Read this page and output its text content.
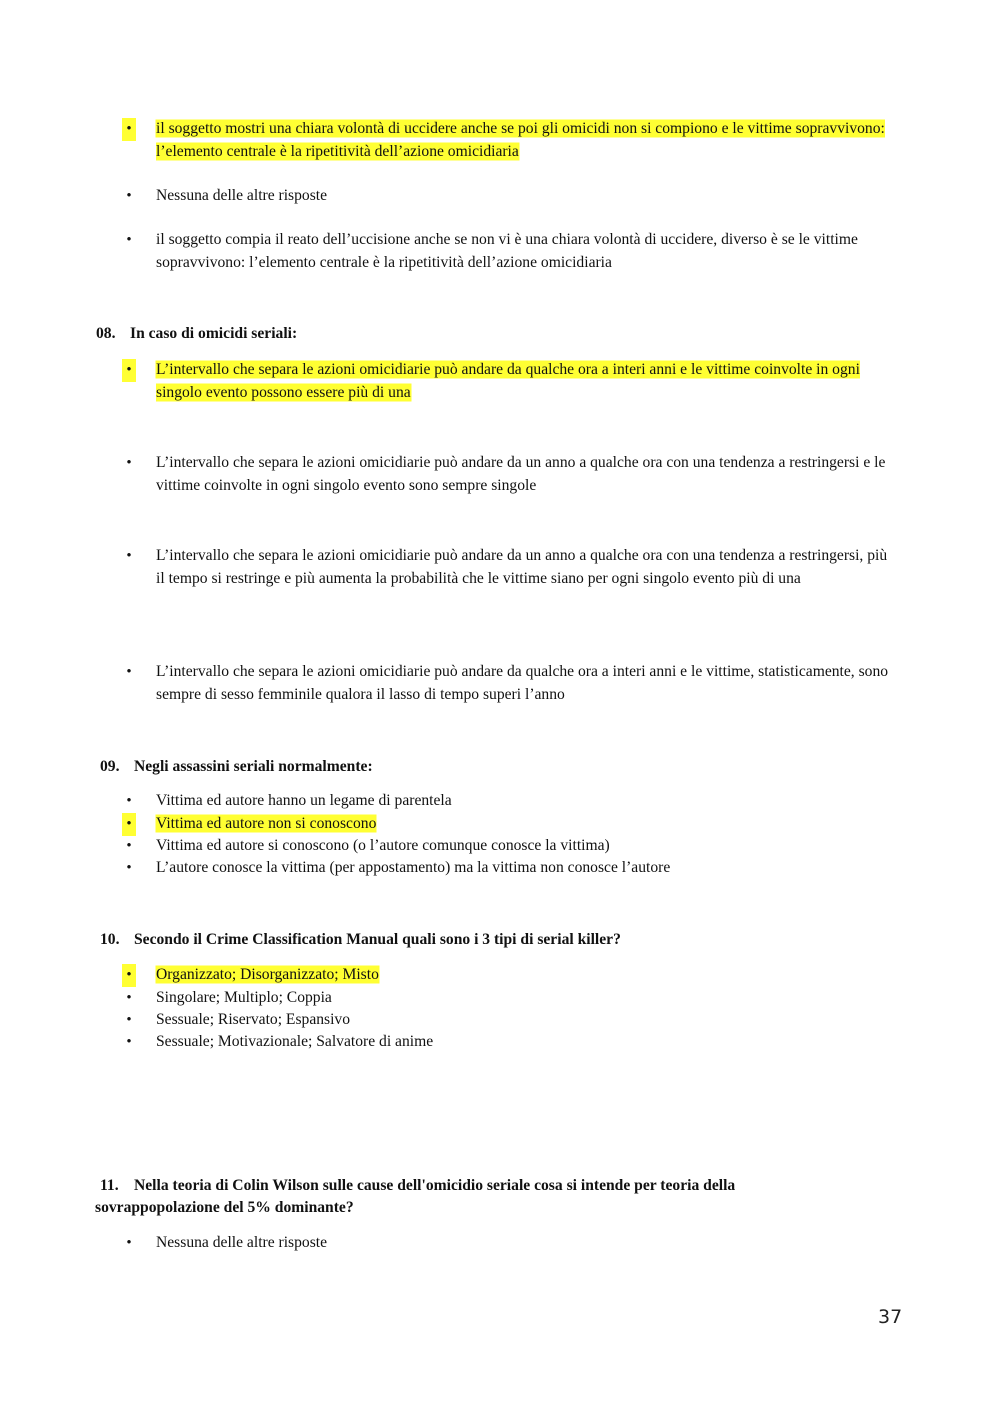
• il soggetto mostri una chiara volontà di uccidere anche se poi gli omicidi non si compiono e le vittime sopravvivono: l’elemento centrale è la ripetitività dell’azione omicidiaria
• Nessuna delle altre risposte
• il soggetto compia il reato dell’uccisione anche se non vi è una chiara volontà di uccidere, diverso è se le vittime sopravvivono: l’elemento centrale è la ripetitività dell’azione omicidiaria
08. In caso di omicidi seriali:
• L’intervallo che separa le azioni omicidiarie può andare da qualche ora a interi anni e le vittime coinvolte in ogni singolo evento possono essere più di una
• L’intervallo che separa le azioni omicidiarie può andare da un anno a qualche ora con una tendenza a restringersi e le vittime coinvolte in ogni singolo evento sono sempre singole
• L’intervallo che separa le azioni omicidiarie può andare da un anno a qualche ora con una tendenza a restringersi, più il tempo si restringe e più aumenta la probabilità che le vittime siano per ogni singolo evento più di una
• L’intervallo che separa le azioni omicidiarie può andare da qualche ora a interi anni e le vittime, statisticamente, sono sempre di sesso femminile qualora il lasso di tempo superi l’anno
09. Negli assassini seriali normalmente:
• Vittima ed autore hanno un legame di parentela
• Vittima ed autore non si conoscono
• Vittima ed autore si conoscono (o l’autore comunque conosce la vittima)
• L’autore conosce la vittima (per appostamento) ma la vittima non conosce l’autore
10. Secondo il Crime Classification Manual quali sono i 3 tipi di serial killer?
• Organizzato; Disorganizzato; Misto
• Singolare; Multiplo; Coppia
• Sessuale; Riservato; Espansivo
• Sessuale; Motivazionale; Salvatore di anime
11. Nella teoria di Colin Wilson sulle cause dell'omicidio seriale cosa si intende per teoria della
sovrappopolazione del 5% dominante?
• Nessuna delle altre risposte
37
